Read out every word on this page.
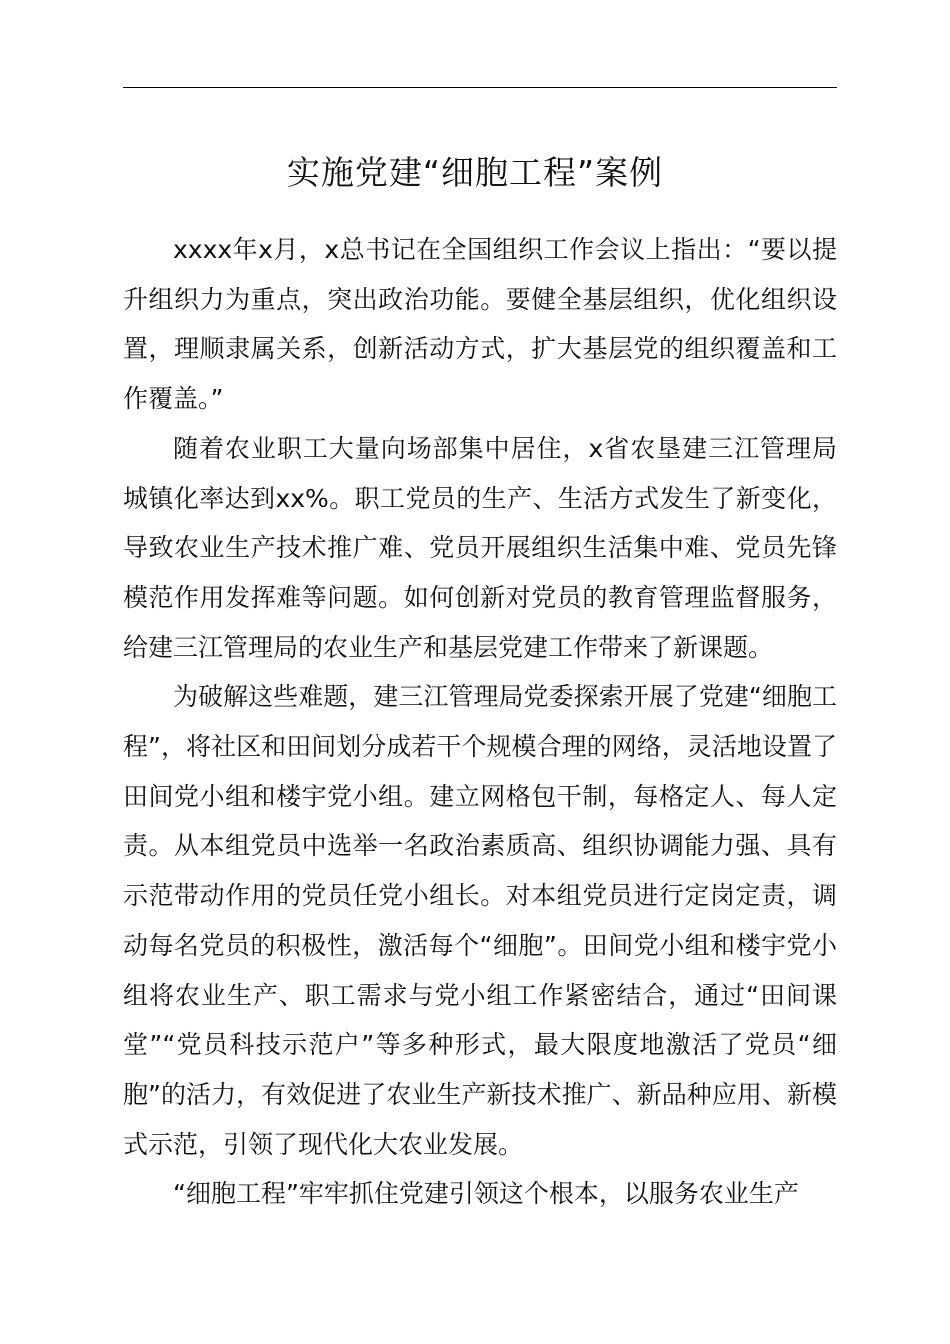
实施党建“细胞工程”案例

xxxx年x月，x总书记在全国组织工作会议上指出：“要以提升组织力为重点，突出政治功能。要健全基层组织，优化组织设置，理顺隶属关系，创新活动方式，扩大基层党的组织覆盖和工作覆盖。”

随着农业职工大量向场部集中居住，x省农垦建三江管理局城镇化率达到xx%。职工党员的生产、生活方式发生了新变化，导致农业生产技术推广难、党员开展组织生活集中难、党员先锋模范作用发挥难等问题。如何创新对党员的教育管理监督服务，给建三江管理局的农业生产和基层党建工作带来了新课题。

为破解这些难题，建三江管理局党委探索开展了党建“细胞工程”，将社区和田间划分成若干个规模合理的网络，灵活地设置了田间党小组和楼宇党小组。建立网格包干制，每格定人、每人定责。从本组党员中选举一名政治素质高、组织协调能力强、具有示范带动作用的党员任党小组长。对本组党员进行定岗定责，调动每名党员的积极性，激活每个“细胞”。田间党小组和楼宇党小组将农业生产、职工需求与党小组工作紧密结合，通过“田间课堂”“党员科技示范户”等多种形式，最大限度地激活了党员“细胞”的活力，有效促进了农业生产新技术推广、新品种应用、新模式示范，引领了现代化大农业发展。

“细胞工程”牢牢抓住党建引领这个根本，以服务农业生产
